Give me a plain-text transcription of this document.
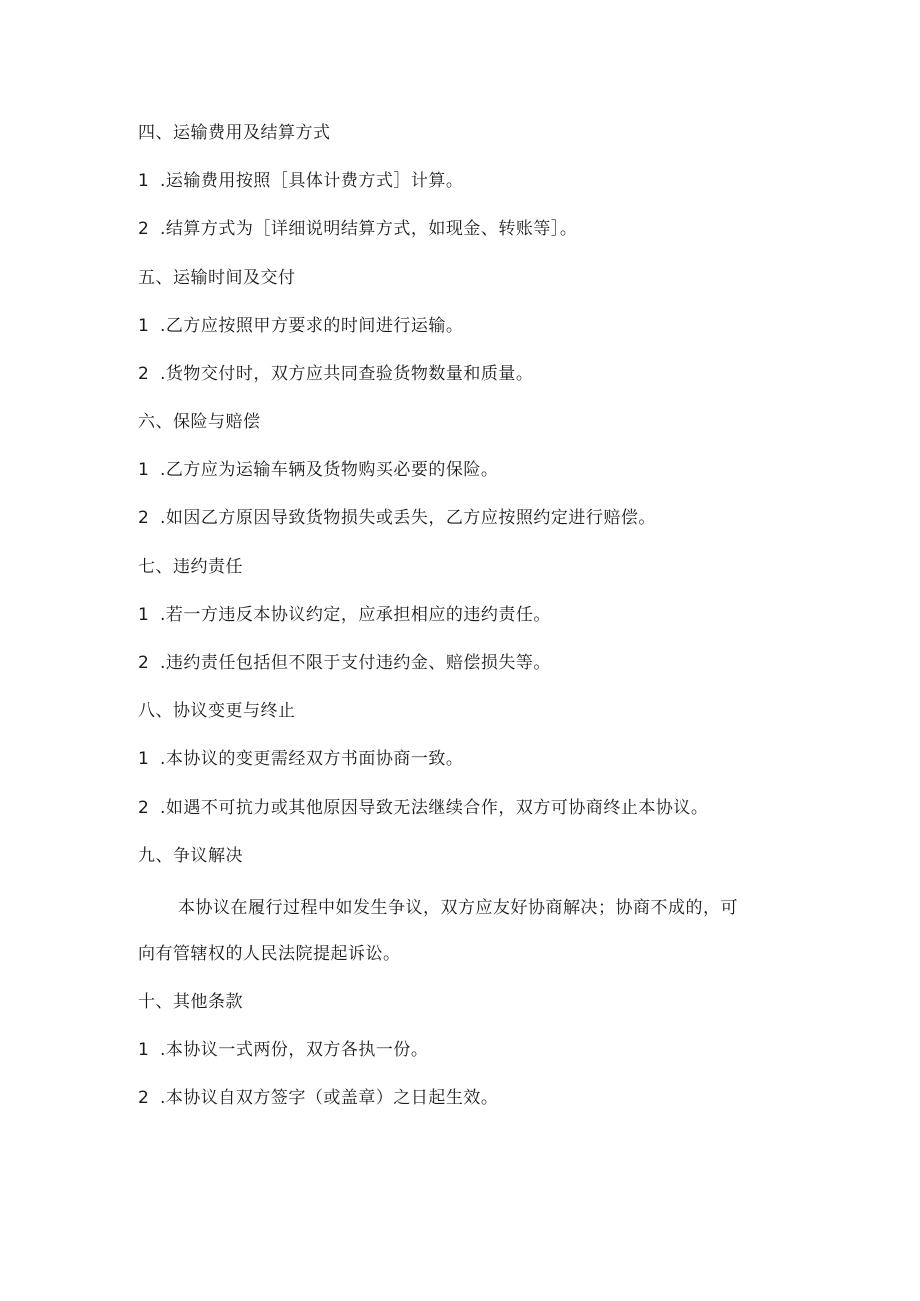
四、运输费用及结算方式
1 .运输费用按照［具体计费方式］计算。
2 .结算方式为［详细说明结算方式，如现金、转账等］。
五、运输时间及交付
1 .乙方应按照甲方要求的时间进行运输。
2 .货物交付时，双方应共同查验货物数量和质量。
六、保险与赔偿
1 .乙方应为运输车辆及货物购买必要的保险。
2 .如因乙方原因导致货物损失或丢失，乙方应按照约定进行赔偿。
七、违约责任
1 .若一方违反本协议约定，应承担相应的违约责任。
2 .违约责任包括但不限于支付违约金、赔偿损失等。
八、协议变更与终止
1 .本协议的变更需经双方书面协商一致。
2 .如遇不可抗力或其他原因导致无法继续合作，双方可协商终止本协议。
九、争议解决
本协议在履行过程中如发生争议，双方应友好协商解决；协商不成的，可
向有管辖权的人民法院提起诉讼。
十、其他条款
1 .本协议一式两份，双方各执一份。
2 .本协议自双方签字（或盖章）之日起生效。
